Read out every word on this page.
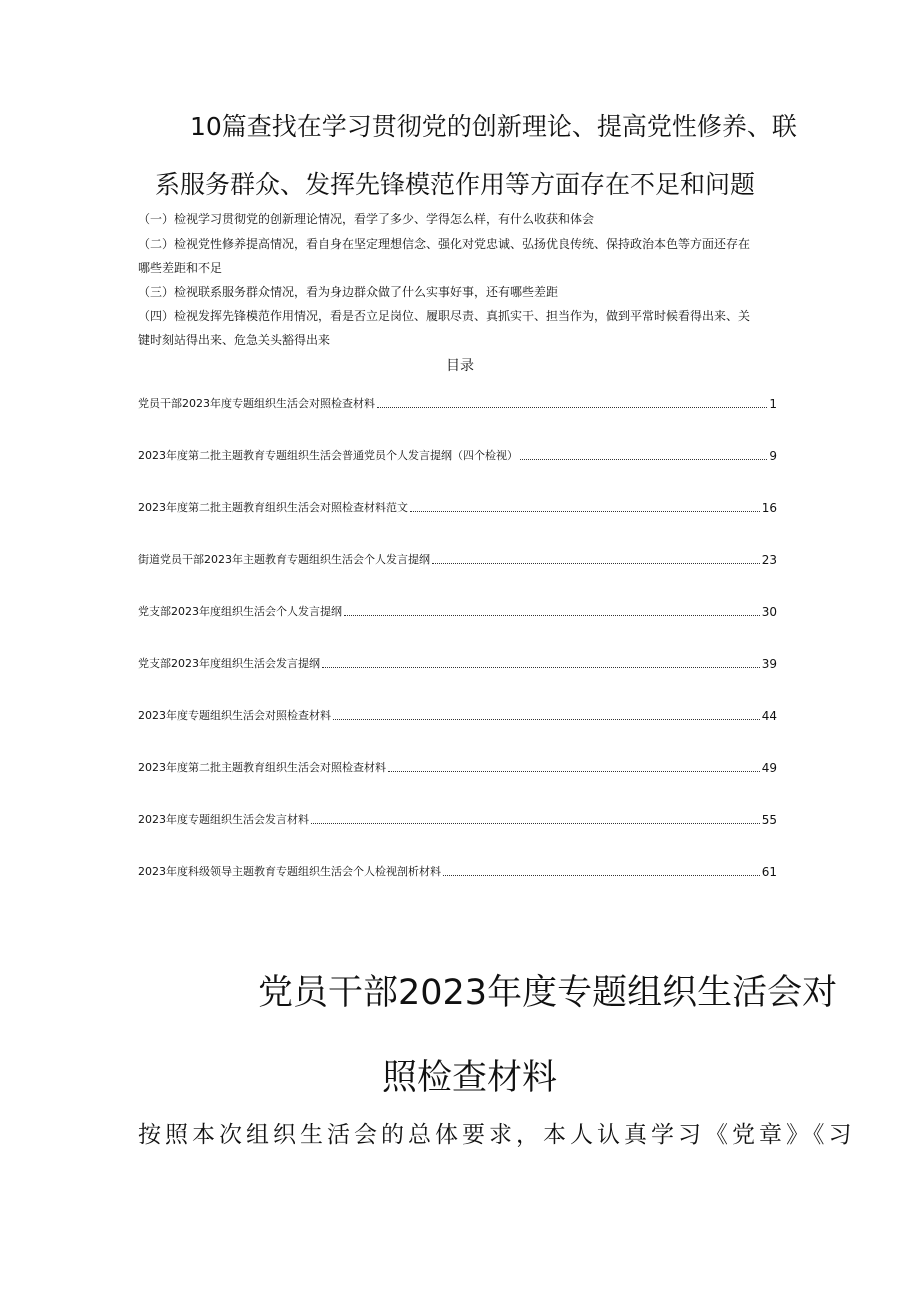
10篇查找在学习贯彻党的创新理论、提高党性修养、联
系服务群众、发挥先锋模范作用等方面存在不足和问题
（一）检视学习贯彻党的创新理论情况，看学了多少、学得怎么样，有什么收获和体会
（二）检视党性修养提高情况，看自身在坚定理想信念、强化对党忠诚、弘扬优良传统、保持政治本色等方面还存在
哪些差距和不足
（三）检视联系服务群众情况，看为身边群众做了什么实事好事，还有哪些差距
（四）检视发挥先锋模范作用情况，看是否立足岗位、履职尽责、真抓实干、担当作为，做到平常时候看得出来、关
键时刻站得出来、危急关头豁得出来
目录
党员干部2023年度专题组织生活会对照检查材料	1
2023年度第二批主题教育专题组织生活会普通党员个人发言提纲（四个检视）	9
2023年度第二批主题教育组织生活会对照检查材料范文	16
街道党员干部2023年主题教育专题组织生活会个人发言提纲	23
党支部2023年度组织生活会个人发言提纲	30
党支部2023年度组织生活会发言提纲	39
2023年度专题组织生活会对照检查材料	44
2023年度第二批主题教育组织生活会对照检查材料	49
2023年度专题组织生活会发言材料	55
2023年度科级领导主题教育专题组织生活会个人检视剖析材料	61
党员干部2023年度专题组织生活会对
照检查材料
按照本次组织生活会的总体要求，本人认真学习《党章》《习
